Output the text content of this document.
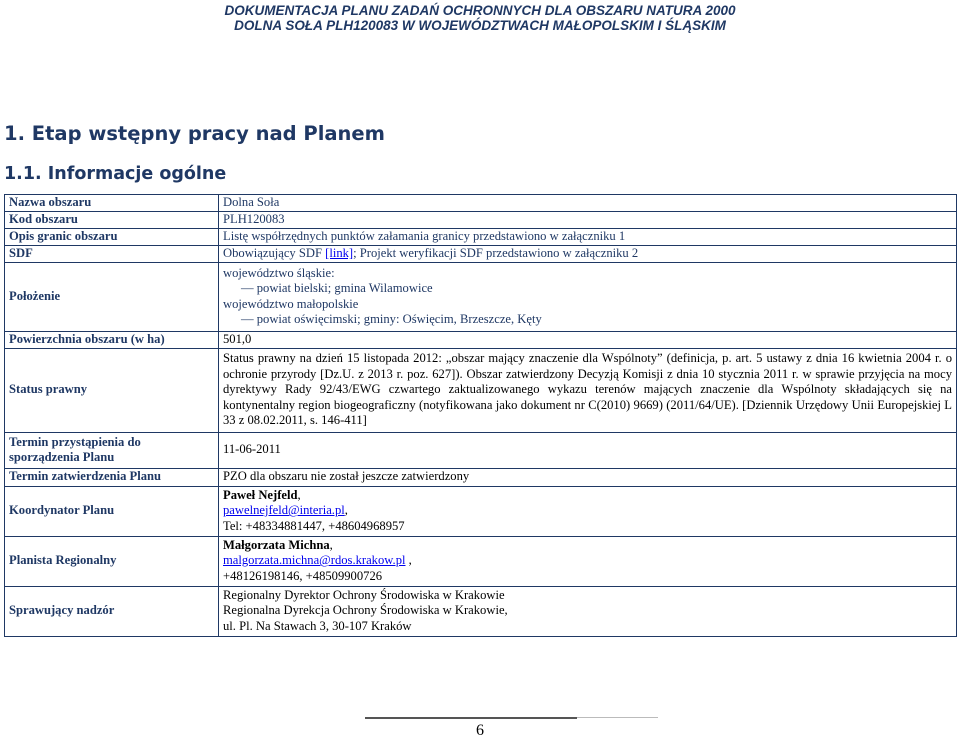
DOKUMENTACJA PLANU ZADAŃ OCHRONNYCH DLA OBSZARU NATURA 2000
DOLNA SOŁA PLH120083 W WOJEWÓDZTWACH MAŁOPOLSKIM I ŚLĄSKIM
1. Etap wstępny pracy nad Planem
1.1. Informacje ogólne
Nazwa obszaru	Dolna Soła
Kod obszaru	PLH120083
Opis granic obszaru	Listę współrzędnych punktów załamania granicy przedstawiono w załączniku 1
SDF	Obowiązujący SDF [link]; Projekt weryfikacji SDF przedstawiono w załączniku 2
Położenie	województwo śląskie:
— powiat bielski; gmina Wilamowice
województwo małopolskie
— powiat oświęcimski; gminy: Oświęcim, Brzeszcze, Kęty

Powierzchnia obszaru (w ha)	501,0
Status prawny	Status prawny na dzień 15 listopada 2012: „obszar mający znaczenie dla Wspólnoty” (definicja, p. art. 5 ustawy z dnia 16 kwietnia 2004 r. o ochronie przyrody [Dz.U. z 2013 r. poz. 627]). Obszar zatwierdzony Decyzją Komisji z dnia 10 stycznia 2011 r. w sprawie przyjęcia na mocy dyrektywy Rady 92/43/EWG czwartego zaktualizowanego wykazu terenów mających znaczenie dla Wspólnoty składających się na kontynentalny region biogeograficzny (notyfikowana jako dokument nr C(2010) 9669) (2011/64/UE). [Dziennik Urzędowy Unii Europejskiej L 33 z 08.02.2011, s. 146-411]
Termin przystąpienia do sporządzenia Planu	11-06-2011
Termin zatwierdzenia Planu	PZO dla obszaru nie został jeszcze zatwierdzony
Koordynator Planu	Paweł Nejfeld,
pawelnejfeld@interia.pl,
Tel: +48334881447, +48604968957

Planista Regionalny	Małgorzata Michna,
malgorzata.michna@rdos.krakow.pl ,
+48126198146, +48509900726

Sprawujący nadzór	Regionalny Dyrektor Ochrony Środowiska w Krakowie
Regionalna Dyrekcja Ochrony Środowiska w Krakowie,
ul. Pl. Na Stawach 3, 30-107 Kraków
6
